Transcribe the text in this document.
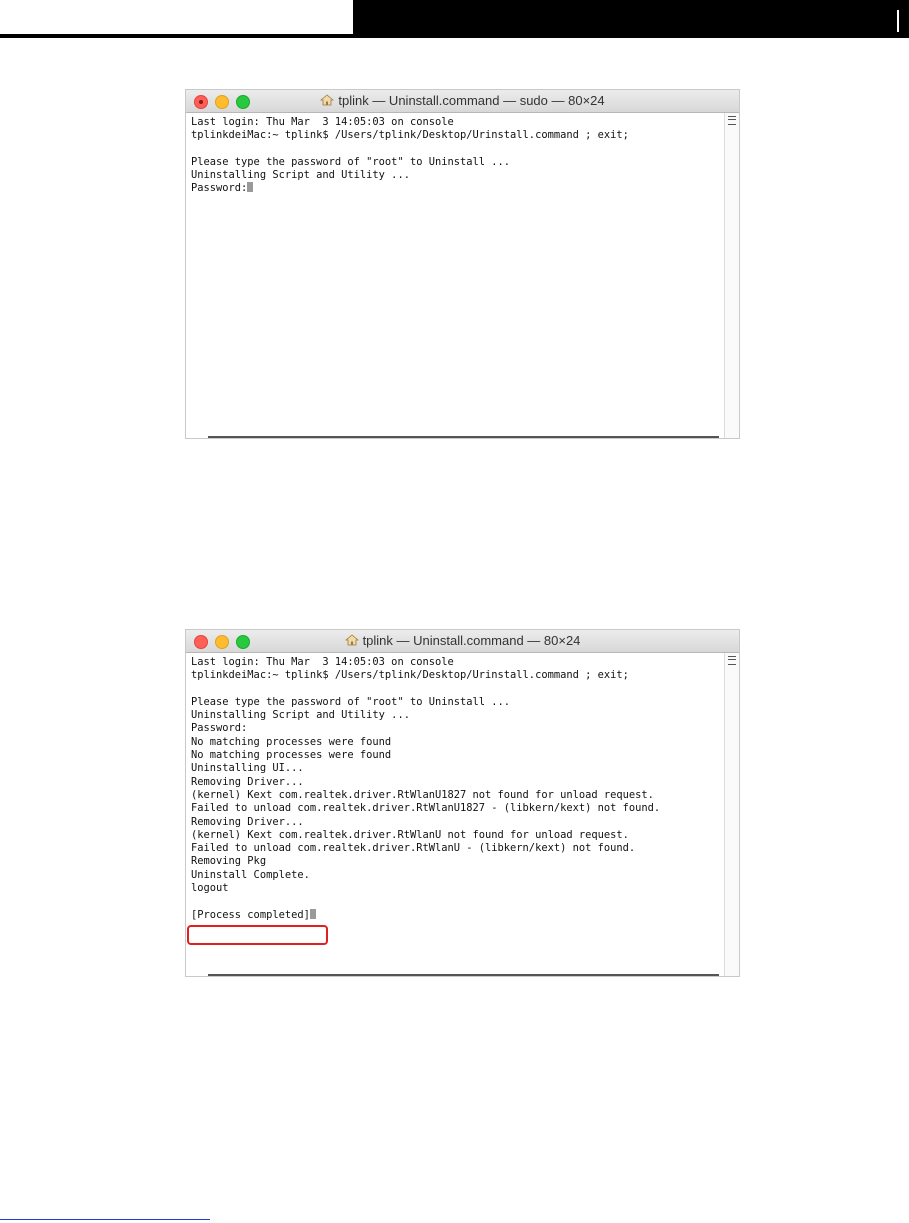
tplink — Uninstall.command — sudo — 80×24
Last login: Thu Mar  3 14:05:03 on console
tplinkdeiMac:~ tplink$ /Users/tplink/Desktop/Urinstall.command ; exit;
Please type the password of "root" to Uninstall ...
Uninstalling Script and Utility ...
Password:
tplink — Uninstall.command — 80×24
Last login: Thu Mar  3 14:05:03 on console
tplinkdeiMac:~ tplink$ /Users/tplink/Desktop/Urinstall.command ; exit;
Please type the password of "root" to Uninstall ...
Uninstalling Script and Utility ...
Password:
No matching processes were found
No matching processes were found
Uninstalling UI...
Removing Driver...
(kernel) Kext com.realtek.driver.RtWlanU1827 not found for unload request.
Failed to unload com.realtek.driver.RtWlanU1827 - (libkern/kext) not found.
Removing Driver...
(kernel) Kext com.realtek.driver.RtWlanU not found for unload request.
Failed to unload com.realtek.driver.RtWlanU - (libkern/kext) not found.
Removing Pkg
Uninstall Complete.
logout
[Process completed]
